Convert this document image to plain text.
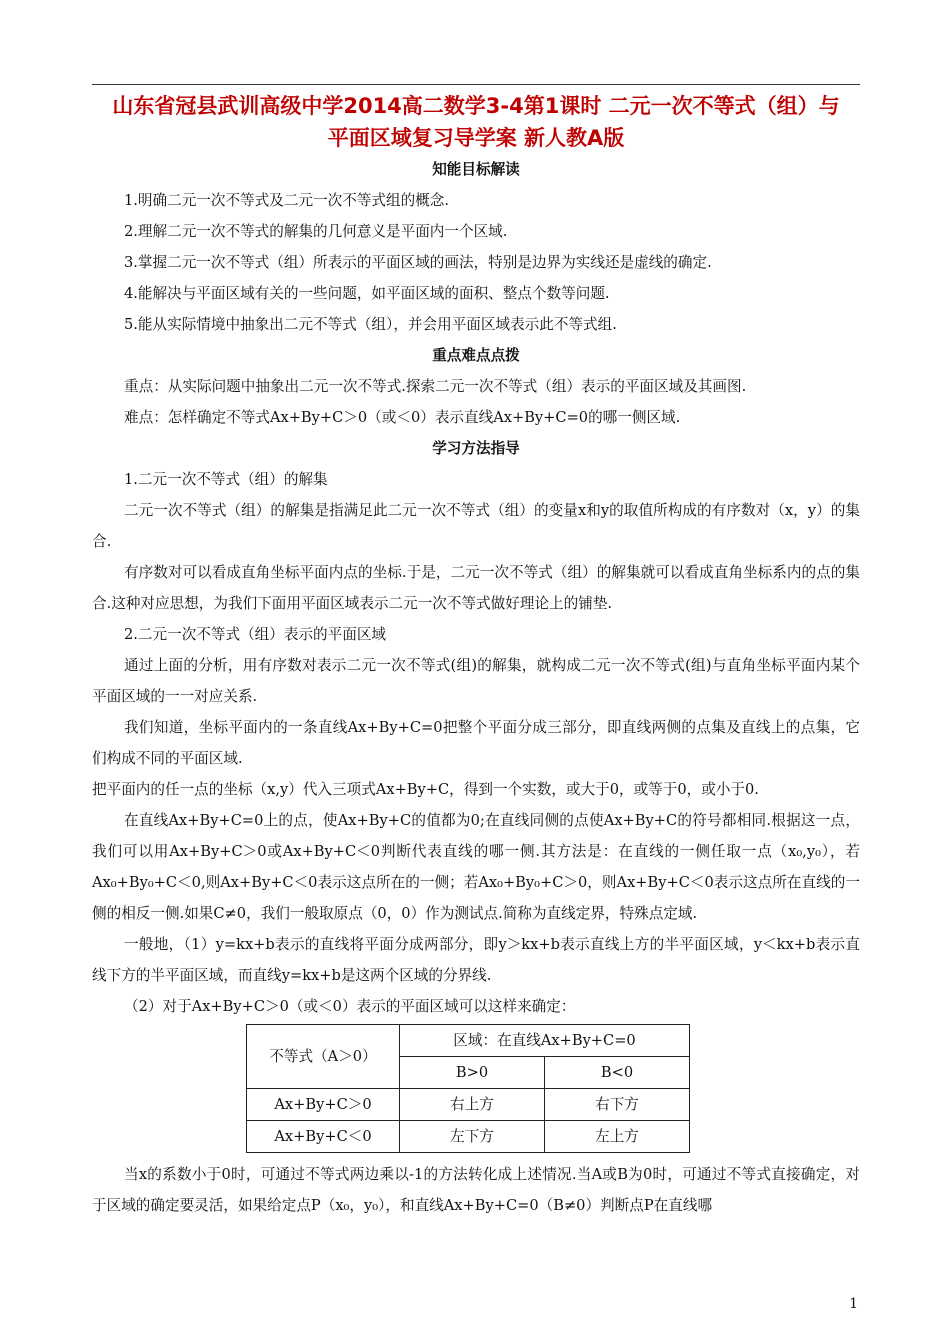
山东省冠县武训高级中学2014高二数学3-4第1课时 二元一次不等式（组）与
平面区域复习导学案 新人教A版
知能目标解读

1.明确二元一次不等式及二元一次不等式组的概念.

2.理解二元一次不等式的解集的几何意义是平面内一个区域.

3.掌握二元一次不等式（组）所表示的平面区域的画法，特别是边界为实线还是虚线的确定.

4.能解决与平面区域有关的一些问题，如平面区域的面积、整点个数等问题.

5.能从实际情境中抽象出二元不等式（组），并会用平面区域表示此不等式组.

重点难点点拨

重点：从实际问题中抽象出二元一次不等式.探索二元一次不等式（组）表示的平面区域及其画图.

难点：怎样确定不等式Ax+By+C＞0（或＜0）表示直线Ax+By+C=0的哪一侧区域.

学习方法指导

1.二元一次不等式（组）的解集

二元一次不等式（组）的解集是指满足此二元一次不等式（组）的变量x和y的取值所构成的有序数对（x，y）的集合.

有序数对可以看成直角坐标平面内点的坐标.于是，二元一次不等式（组）的解集就可以看成直角坐标系内的点的集合.这种对应思想，为我们下面用平面区域表示二元一次不等式做好理论上的铺垫.

2.二元一次不等式（组）表示的平面区域

通过上面的分析，用有序数对表示二元一次不等式(组)的解集，就构成二元一次不等式(组)与直角坐标平面内某个平面区域的一一对应关系.

我们知道，坐标平面内的一条直线Ax+By+C=0把整个平面分成三部分，即直线两侧的点集及直线上的点集，它们构成不同的平面区域.

把平面内的任一点的坐标（x,y）代入三项式Ax+By+C，得到一个实数，或大于0，或等于0，或小于0.

在直线Ax+By+C=0上的点，使Ax+By+C的值都为0;在直线同侧的点使Ax+By+C的符号都相同.根据这一点，我们可以用Ax+By+C＞0或Ax+By+C＜0判断代表直线的哪一侧.其方法是：在直线的一侧任取一点（x₀,y₀），若Ax₀+By₀+C＜0,则Ax+By+C＜0表示这点所在的一侧；若Ax₀+By₀+C＞0，则Ax+By+C＜0表示这点所在直线的一侧的相反一侧.如果C≠0，我们一般取原点（0，0）作为测试点.简称为直线定界，特殊点定域.

一般地，（1）y=kx+b表示的直线将平面分成两部分，即y＞kx+b表示直线上方的半平面区域，y＜kx+b表示直线下方的半平面区域，而直线y=kx+b是这两个区域的分界线.

（2）对于Ax+By+C＞0（或＜0）表示的平面区域可以这样来确定：

不等式（A＞0）	区域：在直线Ax+By+C=0	
	B>0	B<0
Ax+By+C＞0	右上方	右下方
Ax+By+C＜0	左下方	左上方

当x的系数小于0时，可通过不等式两边乘以-1的方法转化成上述情况.当A或B为0时，可通过不等式直接确定，对于区域的确定要灵活，如果给定点P（x₀，y₀），和直线Ax+By+C=0（B≠0）判断点P在直线哪

1
